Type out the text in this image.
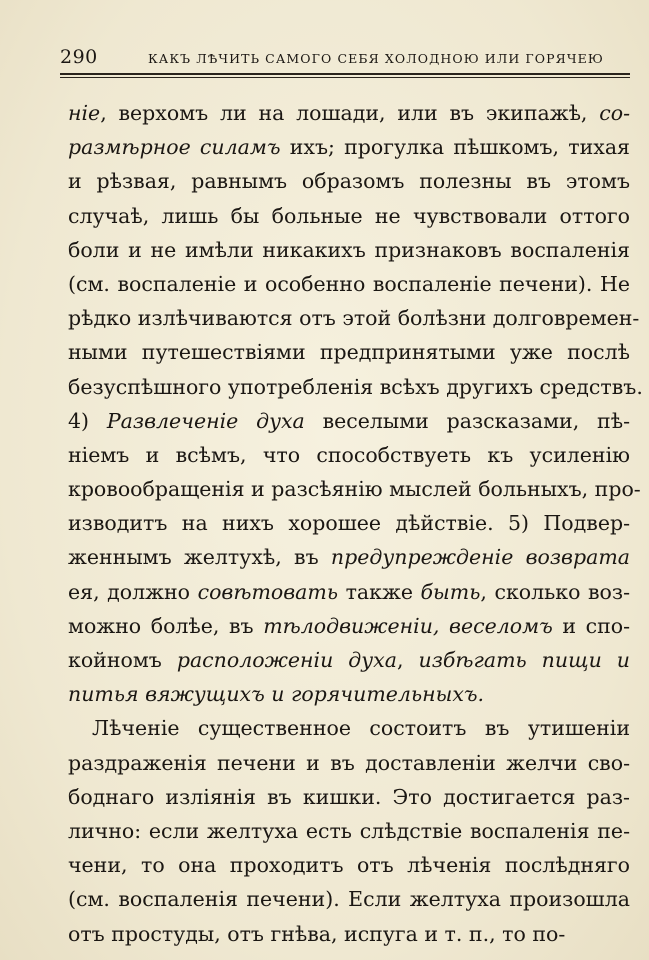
290	КАКЪ ЛѢЧИТЬ САМОГО СЕБЯ ХОЛОДНОЮ ИЛИ ГОРЯЧЕЮ
ніе, верхомъ ли на лошади, или въ экипажѣ, со-
размѣрное силамъ ихъ; прогулка пѣшкомъ, тихая
и рѣзвая, равнымъ образомъ полезны въ этомъ
случаѣ, лишь бы больные не чувствовали оттого
боли и не имѣли никакихъ признаковъ воспаленія
(см. воспаленіе и особенно воспаленіе печени). Не
рѣдко излѣчиваются отъ этой болѣзни долговремен-
ными путешествіями предпринятыми уже послѣ
безуспѣшного употребленія всѣхъ другихъ средствъ.
4) Развлеченіе духа веселыми разсказами, пѣ-
ніемъ и всѣмъ, что способствуеть къ усиленію
кровообращенія и разсѣянію мыслей больныхъ, про-
изводитъ на нихъ хорошее дѣйствіе. 5) Подвер-
женнымъ желтухѣ, въ предупрежденіе возврата
ея, должно совѣтовать также быть, сколько воз-
можно болѣе, въ тѣлодвиженіи, веселомъ и спо-
койномъ расположеніи духа, избѣгать пищи и
питья вяжущихъ и горячительныхъ.
Лѣченіе существенное состоитъ въ утишеніи
раздраженія печени и въ доставленіи желчи сво-
боднаго изліянія въ кишки. Это достигается раз-
лично: если желтуха есть слѣдствіе воспаленія пе-
чени, то она проходитъ отъ лѣченія послѣдняго
(см. воспаленія печени). Если желтуха произошла
отъ простуды, отъ гнѣва, испуга и т. п., то по-
